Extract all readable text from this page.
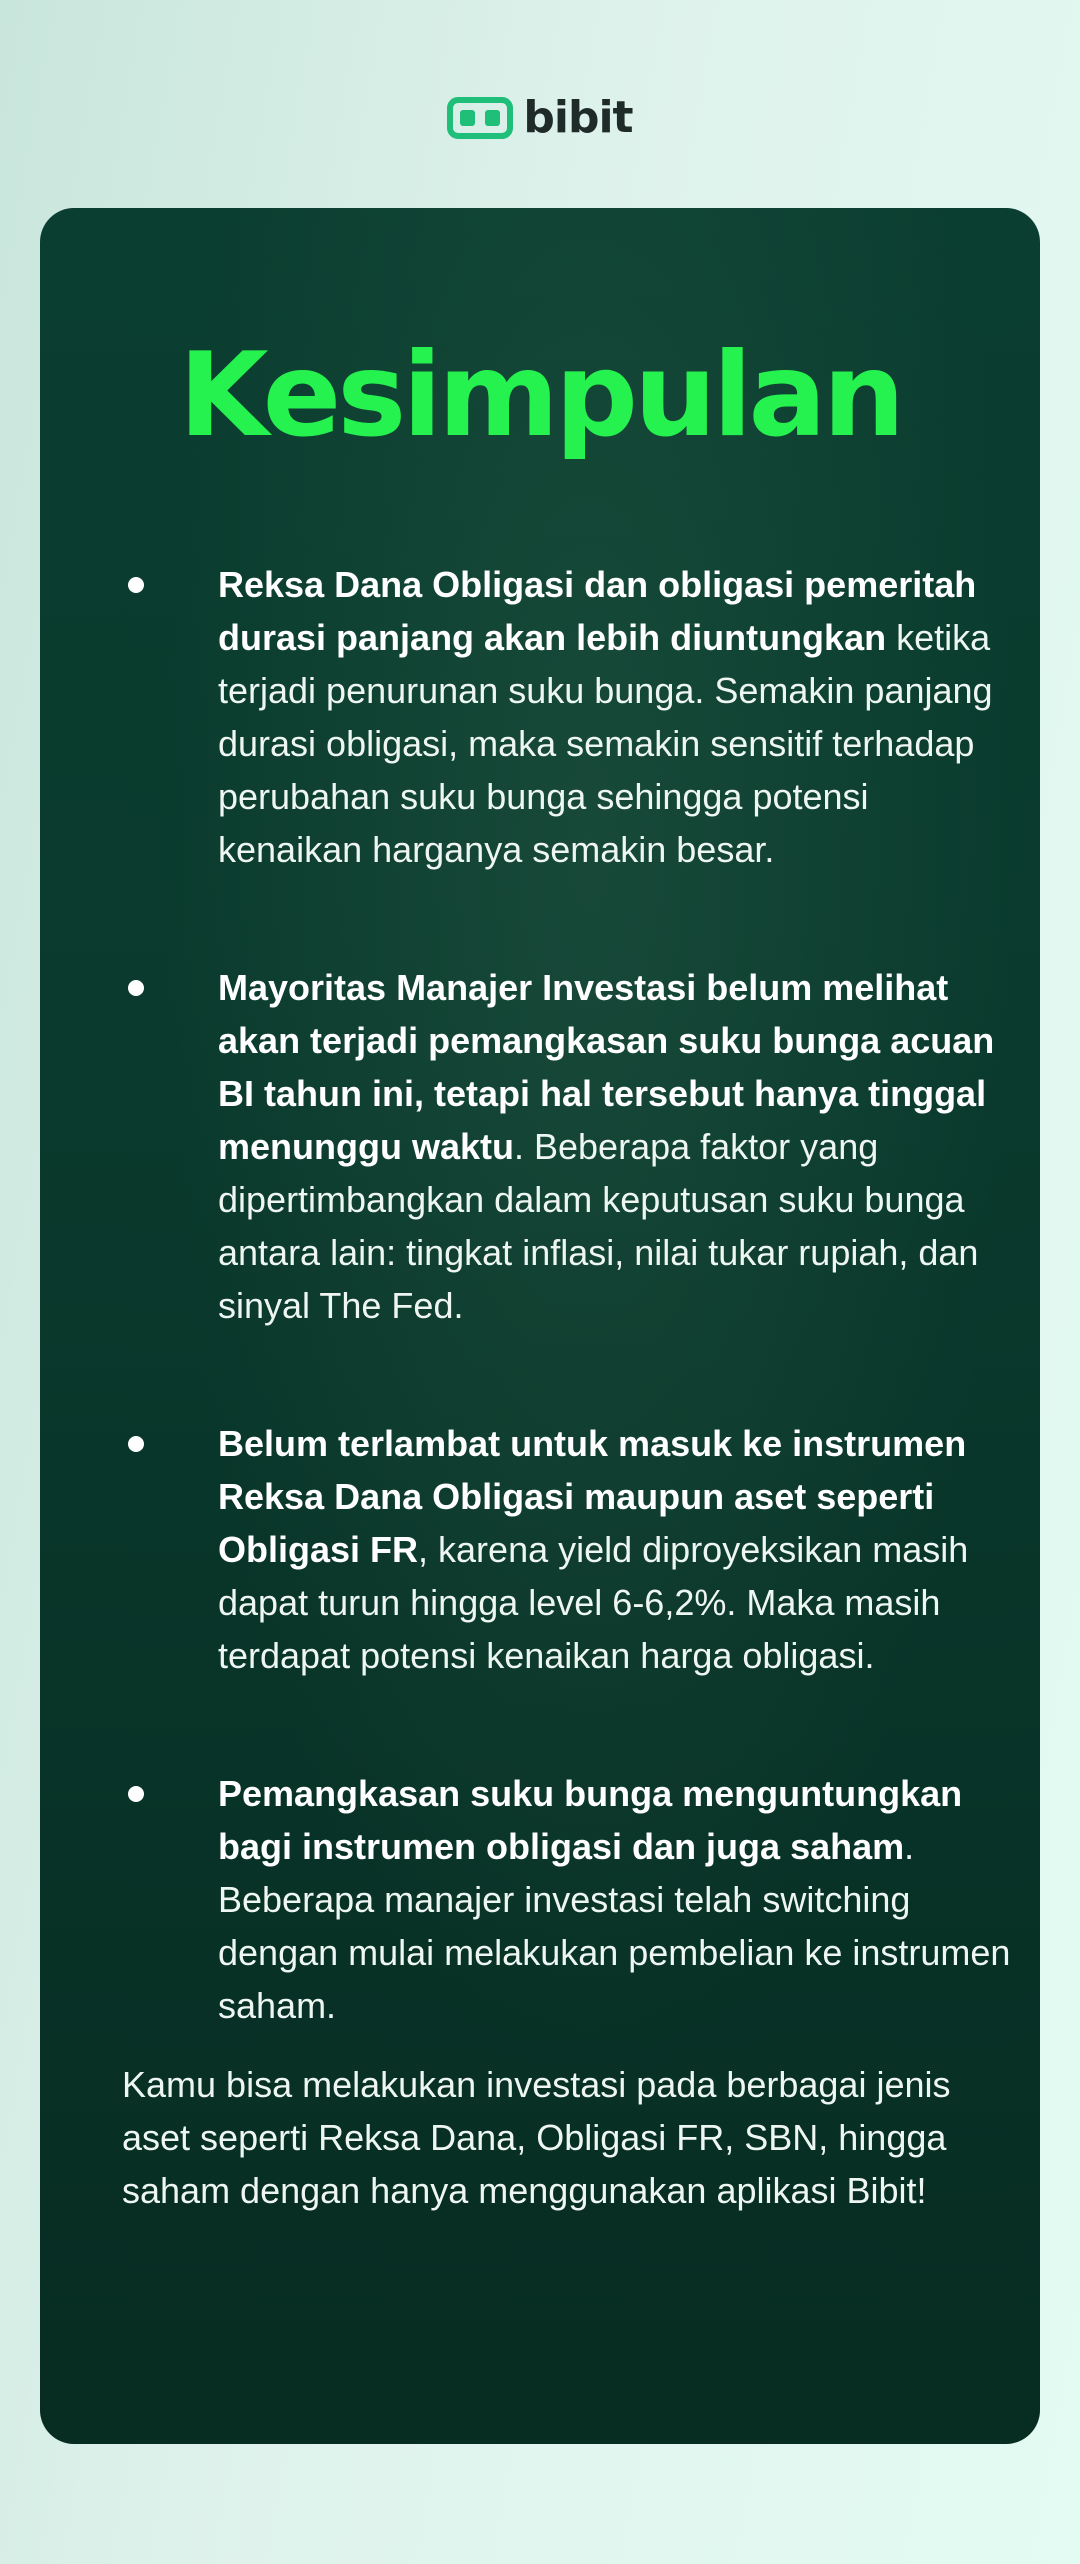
bibit
Kesimpulan
Reksa Dana Obligasi dan obligasi pemeritah durasi panjang akan lebih diuntungkan ketika terjadi penurunan suku bunga. Semakin panjang durasi obligasi, maka semakin sensitif terhadap perubahan suku bunga sehingga potensi kenaikan harganya semakin besar.
Mayoritas Manajer Investasi belum melihat akan terjadi pemangkasan suku bunga acuan BI tahun ini, tetapi hal tersebut hanya tinggal menunggu waktu. Beberapa faktor yang dipertimbangkan dalam keputusan suku bunga antara lain: tingkat inflasi, nilai tukar rupiah, dan sinyal The Fed.
Belum terlambat untuk masuk ke instrumen Reksa Dana Obligasi maupun aset seperti Obligasi FR, karena yield diproyeksikan masih dapat turun hingga level 6-6,2%. Maka masih terdapat potensi kenaikan harga obligasi.
Pemangkasan suku bunga menguntungkan bagi instrumen obligasi dan juga saham. Beberapa manajer investasi telah switching dengan mulai melakukan pembelian ke instrumen saham.

Kamu bisa melakukan investasi pada berbagai jenis aset seperti Reksa Dana, Obligasi FR, SBN, hingga saham dengan hanya menggunakan aplikasi Bibit!
